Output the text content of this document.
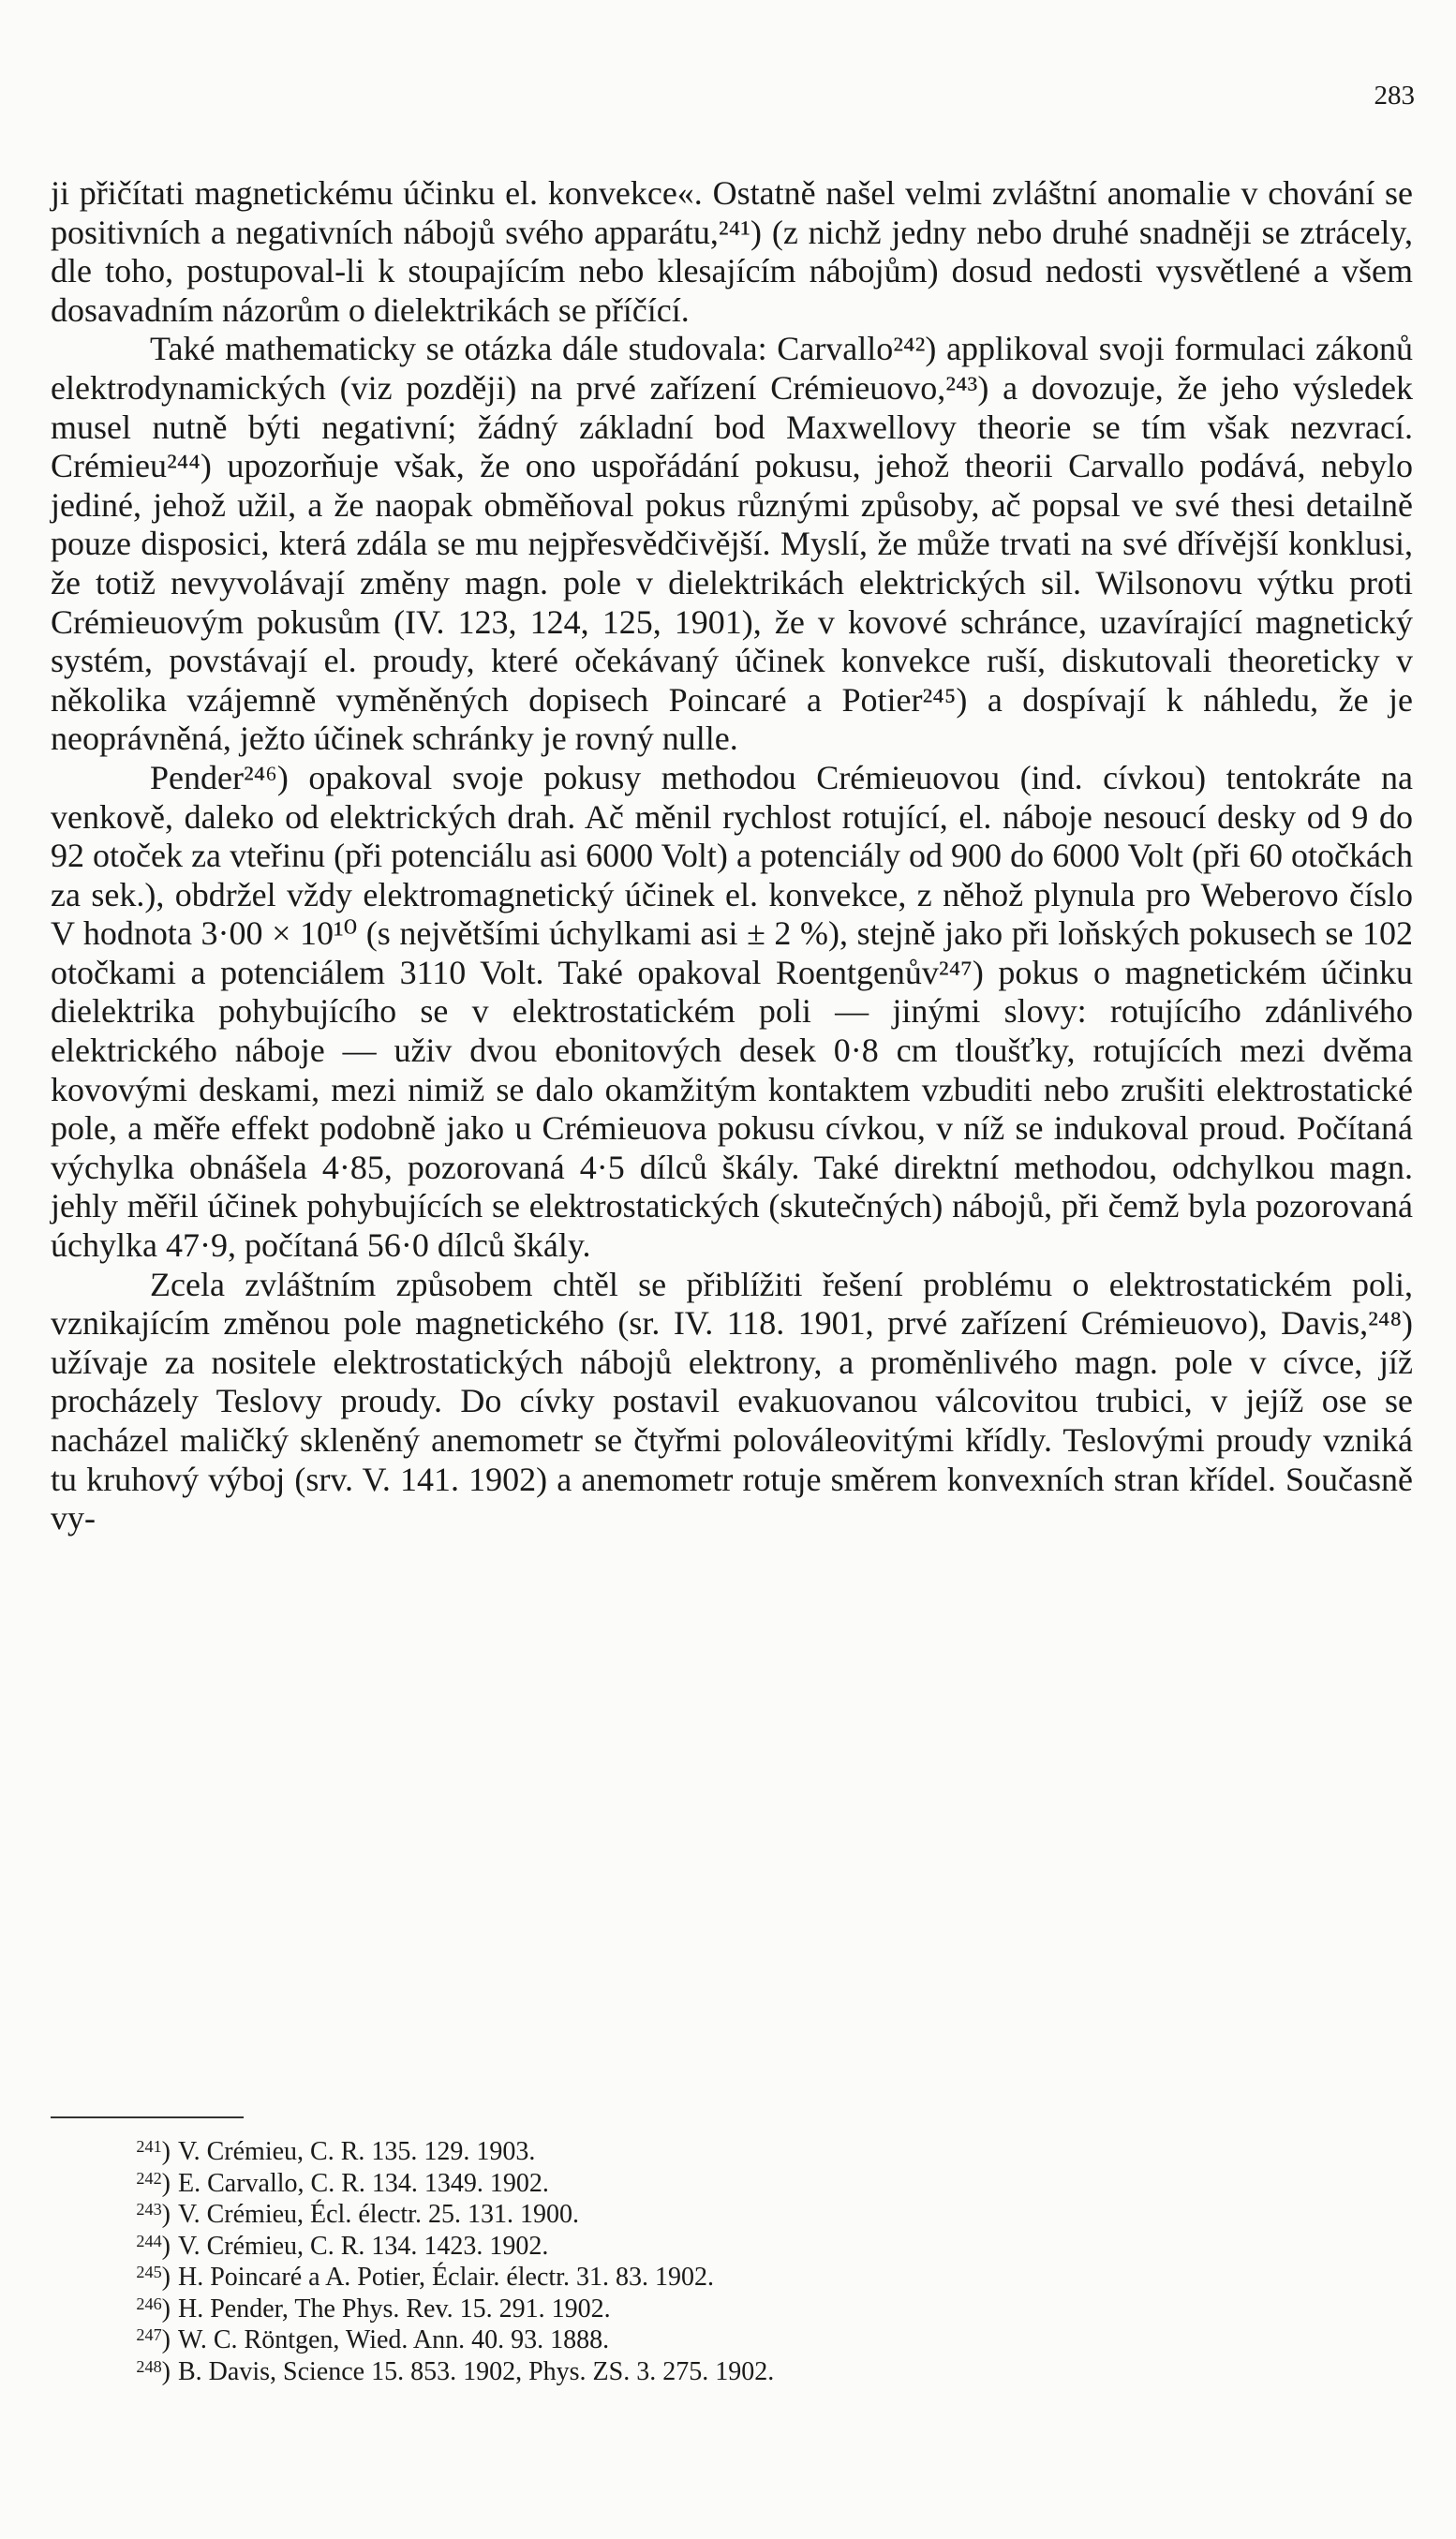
283

ji přičítati magnetickému účinku el. konvekce«. Ostatně našel velmi zvláštní anomalie v chování se positivních a negativních nábojů svého apparátu,²⁴¹) (z nichž jedny nebo druhé snadněji se ztrácely, dle toho, postupoval-li k stoupajícím nebo klesajícím nábojům) dosud nedosti vysvětlené a všem dosavadním názorům o dielektrikách se příčící.

Také mathematicky se otázka dále studovala: Carvallo²⁴²) applikoval svoji formulaci zákonů elektrodynamických (viz později) na prvé zařízení Crémieuovo,²⁴³) a dovozuje, že jeho výsledek musel nutně býti negativní; žádný základní bod Maxwellovy theorie se tím však nezvrací. Crémieu²⁴⁴) upozorňuje však, že ono uspořádání pokusu, jehož theorii Carvallo podává, nebylo jediné, jehož užil, a že naopak obměňoval pokus různými způsoby, ač popsal ve své thesi detailně pouze disposici, která zdála se mu nejpřesvědčivější. Myslí, že může trvati na své dřívější konklusi, že totiž nevyvolávají změny magn. pole v dielektrikách elektrických sil. Wilsonovu výtku proti Crémieuovým pokusům (IV. 123, 124, 125, 1901), že v kovové schránce, uzavírající magnetický systém, povstávají el. proudy, které očekávaný účinek konvekce ruší, diskutovali theoreticky v několika vzájemně vyměněných dopisech Poincaré a Potier²⁴⁵) a dospívají k náhledu, že je neoprávněná, ježto účinek schránky je rovný nulle.

Pender²⁴⁶) opakoval svoje pokusy methodou Crémieuovou (ind. cívkou) tentokráte na venkově, daleko od elektrických drah. Ač měnil rychlost rotující, el. náboje nesoucí desky od 9 do 92 otoček za vteřinu (při potenciálu asi 6000 Volt) a potenciály od 900 do 6000 Volt (při 60 otočkách za sek.), obdržel vždy elektromagnetický účinek el. konvekce, z něhož plynula pro Weberovo číslo V hodnota 3·00 × 10¹⁰ (s největšími úchylkami asi ± 2 %), stejně jako při loňských pokusech se 102 otočkami a potenciálem 3110 Volt. Také opakoval Roentgenův²⁴⁷) pokus o magnetickém účinku dielektrika pohybujícího se v elektrostatickém poli — jinými slovy: rotujícího zdánlivého elektrického náboje — uživ dvou ebonitových desek 0·8 cm tloušťky, rotujících mezi dvěma kovovými deskami, mezi nimiž se dalo okamžitým kontaktem vzbuditi nebo zrušiti elektrostatické pole, a měře effekt podobně jako u Crémieuova pokusu cívkou, v níž se indukoval proud. Počítaná výchylka obnášela 4·85, pozorovaná 4·5 dílců škály. Také direktní methodou, odchylkou magn. jehly měřil účinek pohybujících se elektrostatických (skutečných) nábojů, při čemž byla pozorovaná úchylka 47·9, počítaná 56·0 dílců škály.

Zcela zvláštním způsobem chtěl se přiblížiti řešení problému o elektrostatickém poli, vznikajícím změnou pole magnetického (sr. IV. 118. 1901, prvé zařízení Crémieuovo), Davis,²⁴⁸) užívaje za nositele elektrostatických nábojů elektrony, a proměnlivého magn. pole v cívce, jíž procházely Teslovy proudy. Do cívky postavil evakuovanou válcovitou trubici, v jejíž ose se nacházel maličký skleněný anemometr se čtyřmi polováleovitými křídly. Teslovými proudy vzniká tu kruhový výboj (srv. V. 141. 1902) a anemometr rotuje směrem konvexních stran křídel. Současně vy-

$^{241}$) V. Crémieu, C. R. 135. 129. 1903.
$^{242}$) E. Carvallo, C. R. 134. 1349. 1902.
$^{243}$) V. Crémieu, Écl. électr. 25. 131. 1900.
$^{244}$) V. Crémieu, C. R. 134. 1423. 1902.
$^{245}$) H. Poincaré a A. Potier, Éclair. électr. 31. 83. 1902.
$^{246}$) H. Pender, The Phys. Rev. 15. 291. 1902.
$^{247}$) W. C. Röntgen, Wied. Ann. 40. 93. 1888.
$^{248}$) B. Davis, Science 15. 853. 1902, Phys. ZS. 3. 275. 1902.
